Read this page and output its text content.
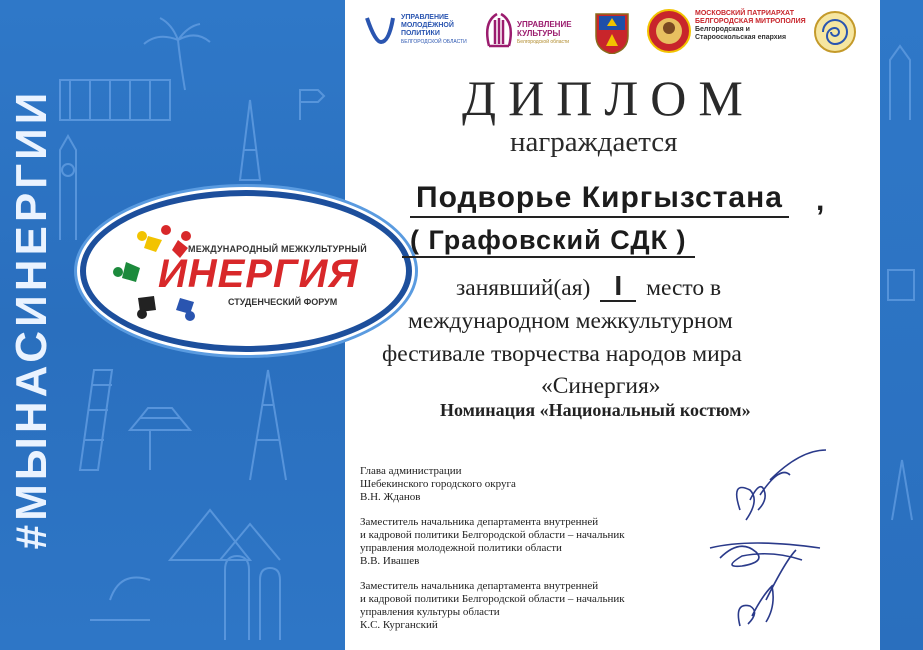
#МЫНАСИНЕРГИИ	МЕЖДУНАРОДНЫЙ МЕЖКУЛЬТУРНЫЙ
ИНЕРГИЯ
СТУДЕНЧЕСКИЙ ФОРУМ
УПРАВЛЕНИЕ
МОЛОДЁЖНОЙ
ПОЛИТИКИ
БЕЛГОРОДСКОЙ ОБЛАСТИ
УПРАВЛЕНИЕ
КУЛЬТУРЫ
Белгородской области
МОСКОВСКИЙ ПАТРИАРХАТ
БЕЛГОРОДСКАЯ МИТРОПОЛИЯ
Белгородская и
Старооскольская епархия
ДИПЛОМ
награждается
Подворье Киргызстана ,
( Графовский СДК )
занявший(ая) I место в
международном межкультурном
фестивале творчества народов мира
«Синергия»
Номинация «Национальный костюм»
Глава администрации
Шебекинского городского округа
В.Н. Жданов
Заместитель начальника департамента внутренней
и кадровой политики Белгородской области – начальник
управления молодежной политики области
В.В. Ивашев
Заместитель начальника департамента внутренней
и кадровой политики Белгородской области – начальник
управления культуры области
К.С. Курганский
